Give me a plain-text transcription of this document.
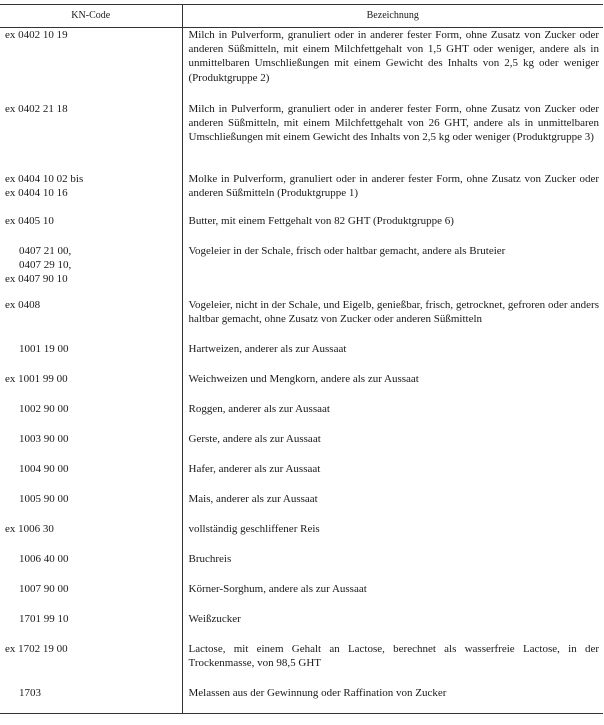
KN-Code	Bezeichnung

ex 0402 10 19	Milch in Pulverform, granuliert oder in anderer fester Form, ohne Zusatz von Zucker oder anderen Süßmitteln, mit einem Milchfettgehalt von 1,5 GHT oder weniger, andere als in unmittelbaren Umschließungen mit einem Gewicht des Inhalts von 2,5 kg oder weniger (Produktgruppe 2)

ex 0402 21 18	Milch in Pulverform, granuliert oder in anderer fester Form, ohne Zusatz von Zucker oder anderen Süßmitteln, mit einem Milchfettgehalt von 26 GHT, andere als in unmittelbaren Umschließungen mit einem Gewicht des Inhalts von 2,5 kg oder weniger (Produktgruppe 3)

ex 0404 10 02 bis
ex 0404 10 16	Molke in Pulverform, granuliert oder in anderer fester Form, ohne Zusatz von Zucker oder anderen Süßmitteln (Produktgruppe 1)

ex 0405 10	Butter, mit einem Fettgehalt von 82 GHT (Produktgruppe 6)

0407 21 00,
0407 29 10,
ex 0407 90 10	Vogeleier in der Schale, frisch oder haltbar gemacht, andere als Bruteier

ex 0408	Vogeleier, nicht in der Schale, und Eigelb, genießbar, frisch, getrocknet, gefroren oder anders haltbar gemacht, ohne Zusatz von Zucker oder anderen Süßmitteln

1001 19 00	Hartweizen, anderer als zur Aussaat

ex 1001 99 00	Weichweizen und Mengkorn, andere als zur Aussaat

1002 90 00	Roggen, anderer als zur Aussaat

1003 90 00	Gerste, andere als zur Aussaat

1004 90 00	Hafer, anderer als zur Aussaat

1005 90 00	Mais, anderer als zur Aussaat

ex 1006 30	vollständig geschliffener Reis

1006 40 00	Bruchreis

1007 90 00	Körner-Sorghum, andere als zur Aussaat

1701 99 10	Weißzucker

ex 1702 19 00	Lactose, mit einem Gehalt an Lactose, berechnet als wasserfreie Lactose, in der Trockenmasse, von 98,5 GHT

1703	Melassen aus der Gewinnung oder Raffination von Zucker
